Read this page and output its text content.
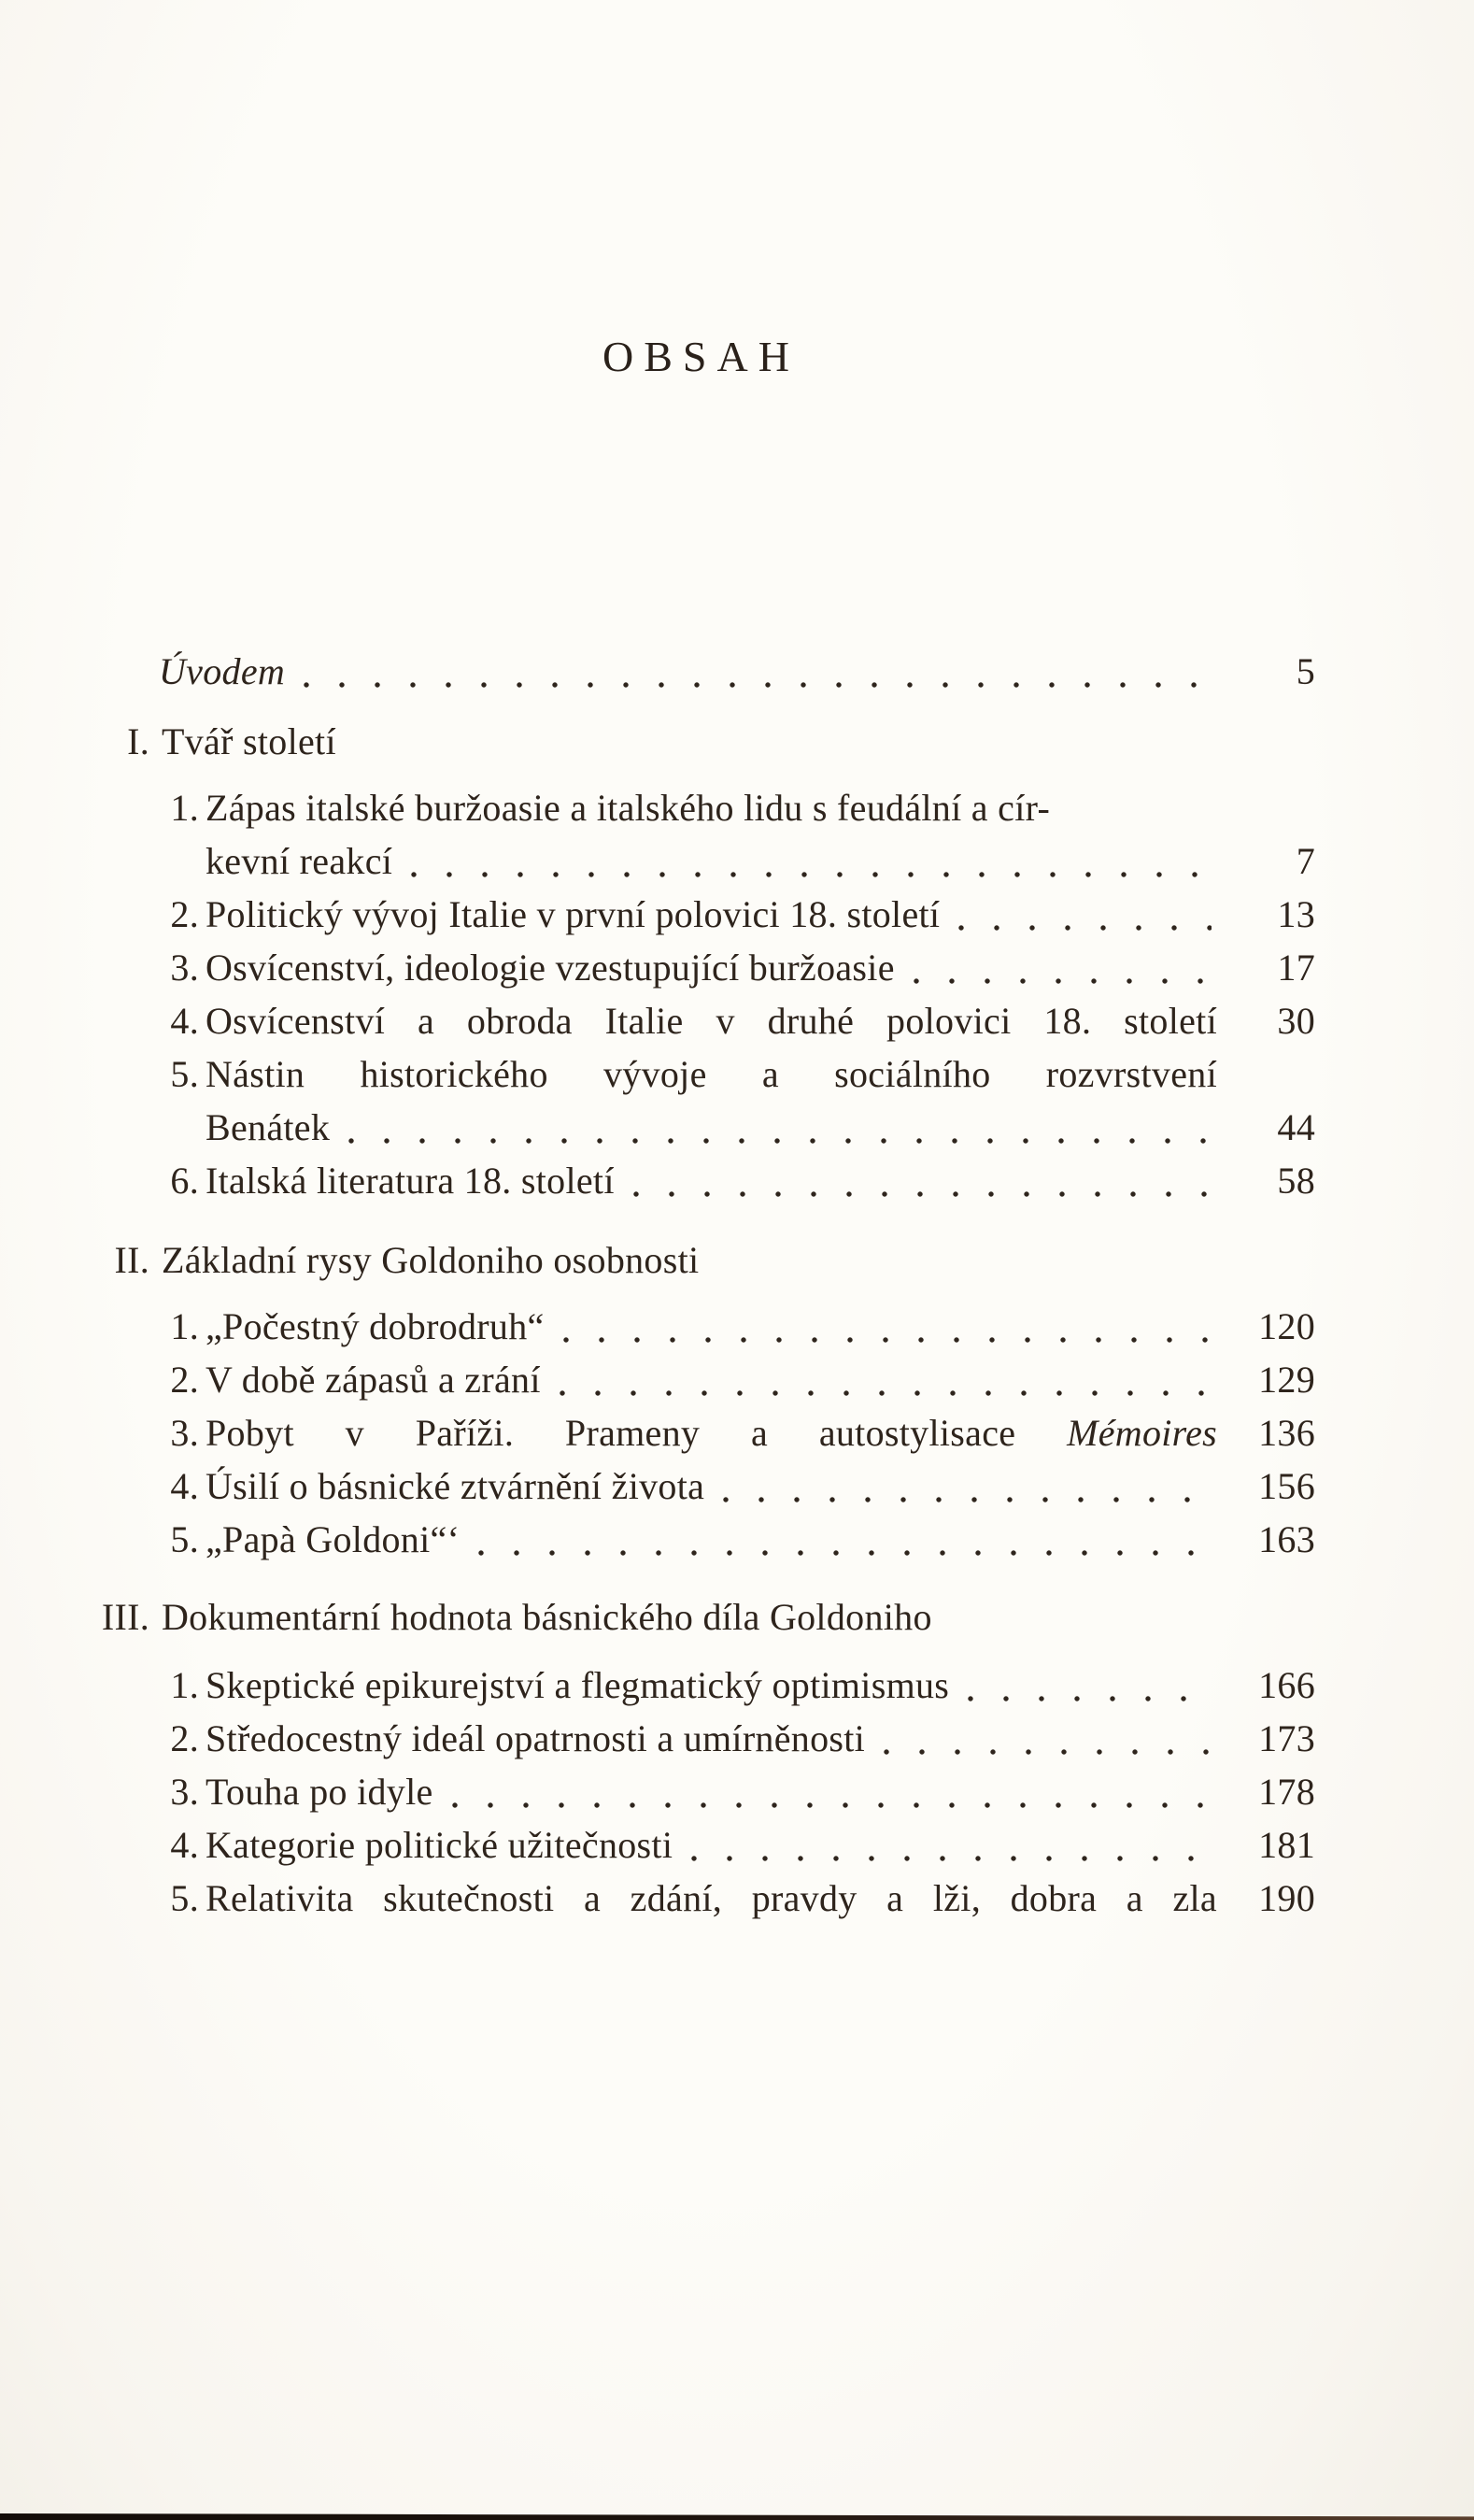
OBSAH
Úvodem	5
I. Tvář století
1. Zápas italské buržoasie a italského lidu s feudální a cír-
kevní reakcí	7
2. Politický vývoj Italie v první polovici 18. století	13
3. Osvícenství, ideologie vzestupující buržoasie	17
4. Osvícenství a obroda Italie v druhé polovici 18. století	30
5. Nástin historického vývoje a sociálního rozvrstvení
Benátek	44
6. Italská literatura 18. století	58
II. Základní rysy Goldoniho osobnosti
1. „Počestný dobrodruh“	120
2. V době zápasů a zrání	129
3. Pobyt v Paříži. Prameny a autostylisace Mémoires	136
4. Úsilí o básnické ztvárnění života	156
5. „Papà Goldoni“‘	163
III. Dokumentární hodnota básnického díla Goldoniho
1. Skeptické epikurejství a flegmatický optimismus	166
2. Středocestný ideál opatrnosti a umírněnosti	173
3. Touha po idyle	178
4. Kategorie politické užitečnosti	181
5. Relativita skutečnosti a zdání, pravdy a lži, dobra a zla	190
